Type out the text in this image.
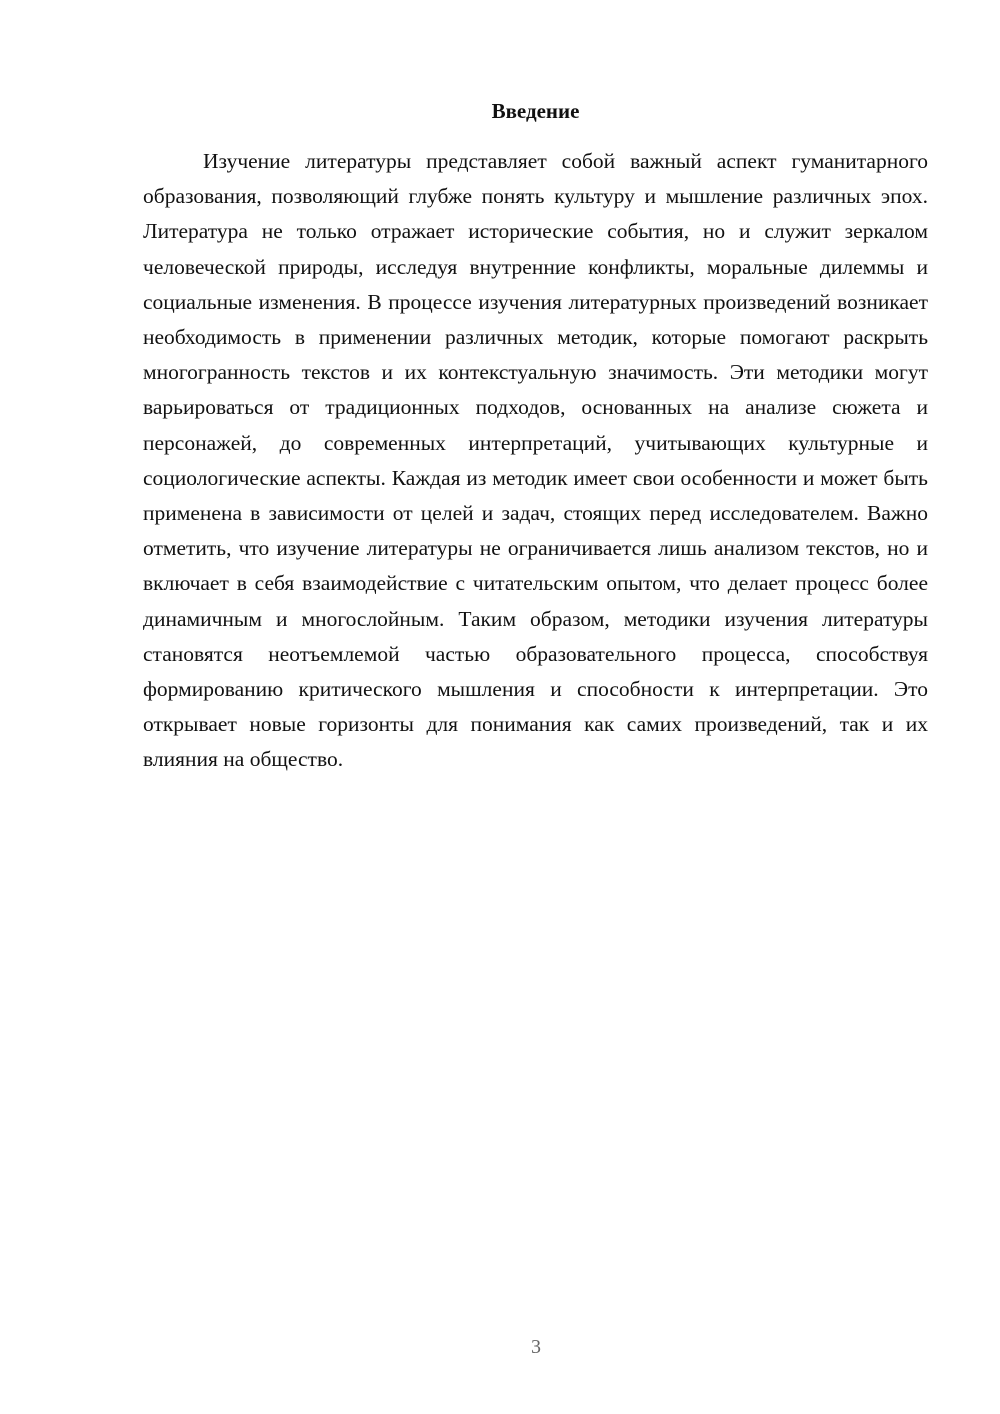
Введение

Изучение литературы представляет собой важный аспект гуманитарного образования, позволяющий глубже понять культуру и мышление различных эпох. Литература не только отражает исторические события, но и служит зеркалом человеческой природы, исследуя внутренние конфликты, моральные дилеммы и социальные изменения. В процессе изучения литературных произведений возникает необходимость в применении различных методик, которые помогают раскрыть многогранность текстов и их контекстуальную значимость. Эти методики могут варьироваться от традиционных подходов, основанных на анализе сюжета и персонажей, до современных интерпретаций, учитывающих культурные и социологические аспекты. Каждая из методик имеет свои особенности и может быть применена в зависимости от целей и задач, стоящих перед исследователем. Важно отметить, что изучение литературы не ограничивается лишь анализом текстов, но и включает в себя взаимодействие с читательским опытом, что делает процесс более динамичным и многослойным. Таким образом, методики изучения литературы становятся неотъемлемой частью образовательного процесса, способствуя формированию критического мышления и способности к интерпретации. Это открывает новые горизонты для понимания как самих произведений, так и их влияния на общество.

3
